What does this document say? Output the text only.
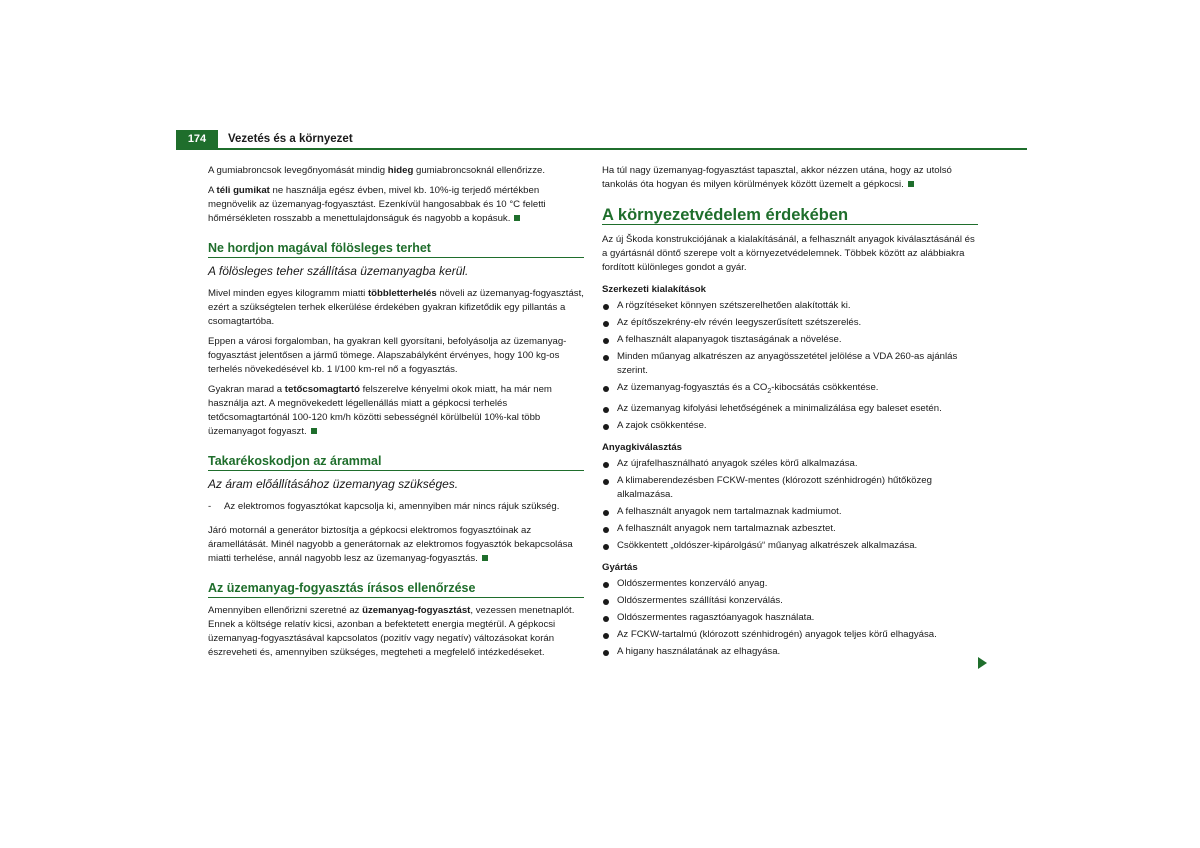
174	Vezetés és a környezet

A gumiabroncsok levegőnyomását mindig hideg gumiabroncsoknál ellenőrizze.

A téli gumikat ne használja egész évben, mivel kb. 10%-ig terjedő mértékben megnövelik az üzemanyag-fogyasztást. Ezenkívül hangosabbak és 10 °C feletti hőmérsékleten rosszabb a menettulajdonságuk és nagyobb a kopásuk.

Ne hordjon magával fölösleges terhet

A fölösleges teher szállítása üzemanyagba kerül.

Mivel minden egyes kilogramm miatti többletterhelés növeli az üzemanyag-fogyasztást, ezért a szükségtelen terhek elkerülése érdekében gyakran kifizetődik egy pillantás a csomagtartóba.

Eppen a városi forgalomban, ha gyakran kell gyorsítani, befolyásolja az üzemanyag-fogyasztást jelentősen a jármű tömege. Alapszabályként érvényes, hogy 100 kg-os terhelés növekedésével kb. 1 l/100 km-rel nő a fogyasztás.

Gyakran marad a tetőcsomagtartó felszerelve kényelmi okok miatt, ha már nem használja azt. A megnövekedett légellenállás miatt a gépkocsi terhelés tetőcsomagtartónál 100-120 km/h közötti sebességnél körülbelül 10%-kal több üzemanyagot fogyaszt.

Takarékoskodjon az árammal

Az áram előállításához üzemanyag szükséges.

- Az elektromos fogyasztókat kapcsolja ki, amennyiben már nincs rájuk szükség.

Járó motornál a generátor biztosítja a gépkocsi elektromos fogyasztóinak az áramellátását. Minél nagyobb a generátornak az elektromos fogyasztók bekapcsolása miatti terhelése, annál nagyobb lesz az üzemanyag-fogyasztás.

Az üzemanyag-fogyasztás írásos ellenőrzése

Amennyiben ellenőrizni szeretné az üzemanyag-fogyasztást, vezessen menetnaplót. Ennek a költsége relatív kicsi, azonban a befektetett energia megtérül. A gépkocsi üzemanyag-fogyasztásával kapcsolatos (pozitív vagy negatív) változásokat korán észreveheti és, amennyiben szükséges, megteheti a megfelelő intézkedéseket.

Ha túl nagy üzemanyag-fogyasztást tapasztal, akkor nézzen utána, hogy az utolsó tankolás óta hogyan és milyen körülmények között üzemelt a gépkocsi.

A környezetvédelem érdekében

Az új Škoda konstrukciójának a kialakításánál, a felhasznált anyagok kiválasztásánál és a gyártásnál döntő szerepe volt a környezetvédelemnek. Többek között az alábbiakra fordított különleges gondot a gyár.

Szerkezeti kialakítások
A rögzítéseket könnyen szétszerelhetően alakították ki.
Az építőszekrény-elv révén leegyszerűsített szétszerelés.
A felhasznált alapanyagok tisztaságának a növelése.
Minden műanyag alkatrészen az anyagösszetétel jelölése a VDA 260-as ajánlás szerint.
Az üzemanyag-fogyasztás és a $CO_2$-kibocsátás csökkentése.
Az üzemanyag kifolyási lehetőségének a minimalizálása egy baleset esetén.
A zajok csökkentése.
Anyagkiválasztás
Az újrafelhasználható anyagok széles körű alkalmazása.
A klimaberendezésben FCKW-mentes (klórozott szénhidrogén) hűtőközeg alkalmazása.
A felhasznált anyagok nem tartalmaznak kadmiumot.
A felhasznált anyagok nem tartalmaznak azbesztet.
Csökkentett „oldószer-kipárolgású“ műanyag alkatrészek alkalmazása.
Gyártás
Oldószermentes konzerváló anyag.
Oldószermentes szállítási konzerválás.
Oldószermentes ragasztóanyagok használata.
Az FCKW-tartalmú (klórozott szénhidrogén) anyagok teljes körű elhagyása.
A higany használatának az elhagyása.
